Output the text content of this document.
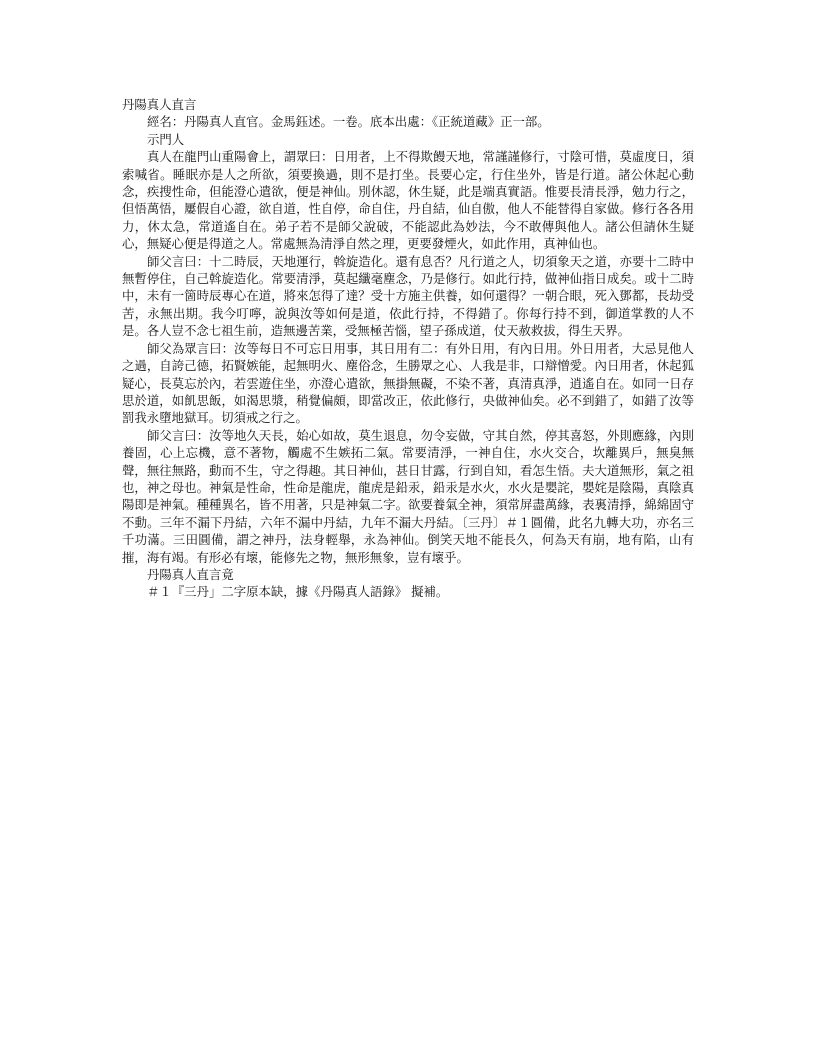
丹陽真人直言

經名：丹陽真人直官。金馬鈺述。一卷。底本出處：《正統道藏》正一部。

示門人

真人在龍門山重陽會上，謂眾曰：日用者，上不得欺饅天地，常謹謹修行，寸陰可惜，莫虛度日，須索喊省。睡眠亦是人之所欲，須要換過，則不是打坐。長要心定，行住坐外，皆是行道。諸公休起心動念，疾搜性命，但能澄心遣欲，便是神仙。別休認，休生疑，此是端真實語。惟要長清長淨，勉力行之，但悟萬悟，屢假自心證，欲自道，性自停，命自住，丹自結，仙自傲，他人不能替得自家做。修行各各用力，休太急，常道遙自在。弟子若不是師父說破，不能認此為妙法，今不敢傳與他人。諸公但請休生疑心，無疑心便是得道之人。常處無為清淨自然之理，更要發煙火，如此作用，真神仙也。

師父言曰：十二時辰，天地運行，斡旋造化。還有息否？凡行道之人，切須象天之道，亦要十二時中無暫停住，自己斡旋造化。常要清淨，莫起纖毫塵念，乃是修行。如此行持，做神仙指日成矣。或十二時中，未有一箇時辰專心在道，將來怎得了達？受十方施主供養，如何還得？一朝合眼，死入鄧都，長劫受苦，永無出期。我今叮嚀，說與汝等如何是道，依此行持，不得錯了。你每行持不到，御道掌教的人不是。各人豈不念七祖生前，造無邊苦業，受無極苦惱，望子孫成道，仗天赦救拔，得生天界。

師父為眾言曰：汝等每日不可忘日用事，其日用有二：有外日用，有內日用。外日用者，大忌見他人之過，自誇己德，拓賢嫉能，起無明火、塵俗念，生勝眾之心、人我是非，口辯憎愛。內日用者，休起狐疑心，長莫忘於內，若雲遊住坐，亦澄心遣欲，無掛無礙，不染不著，真清真淨，逍遙自在。如同一日存思於道，如飢思飯，如渴思漿，稍覺偏頗，即當改正，依此修行，央做神仙矣。必不到錯了，如錯了汝等罰我永墮地獄耳。切須戒之行之。

師父言曰：汝等地久天長，始心如故，莫生退息，勿令妄做，守其自然，停其喜怒，外則應緣，內則養固，心上忘機，意不著物，觸處不生嫉拓二氣。常要清淨，一神自住，水火交合，坎離異戶，無臭無聲，無往無路，動而不生，守之得趣。其日神仙，甚日甘露，行到自知，看怎生悟。夫大道無形，氣之祖也，神之母也。神氣是性命，性命是龍虎，龍虎是鉛汞，鉛汞是水火，水火是嬰詫，嬰姹是陰陽，真陰真陽即是神氣。種種異名，皆不用著，只是神氣二字。欲要養氣全神，須常屏盡萬緣，表裏清掙，綿綿固守不動。三年不漏下丹結，六年不漏中丹結，九年不漏大丹結。〔三丹〕＃１圓備，此名九轉大功，亦名三千功滿。三田圓備，謂之神丹，法身輕舉，永為神仙。倒笑天地不能長久，何為天有崩，地有陷，山有摧，海有竭。有形必有壞，能修先之物，無形無象，豈有壞乎。

丹陽真人直言竟

＃１『三丹」二字原本缺，據《丹陽真人語錄》 擬補。
